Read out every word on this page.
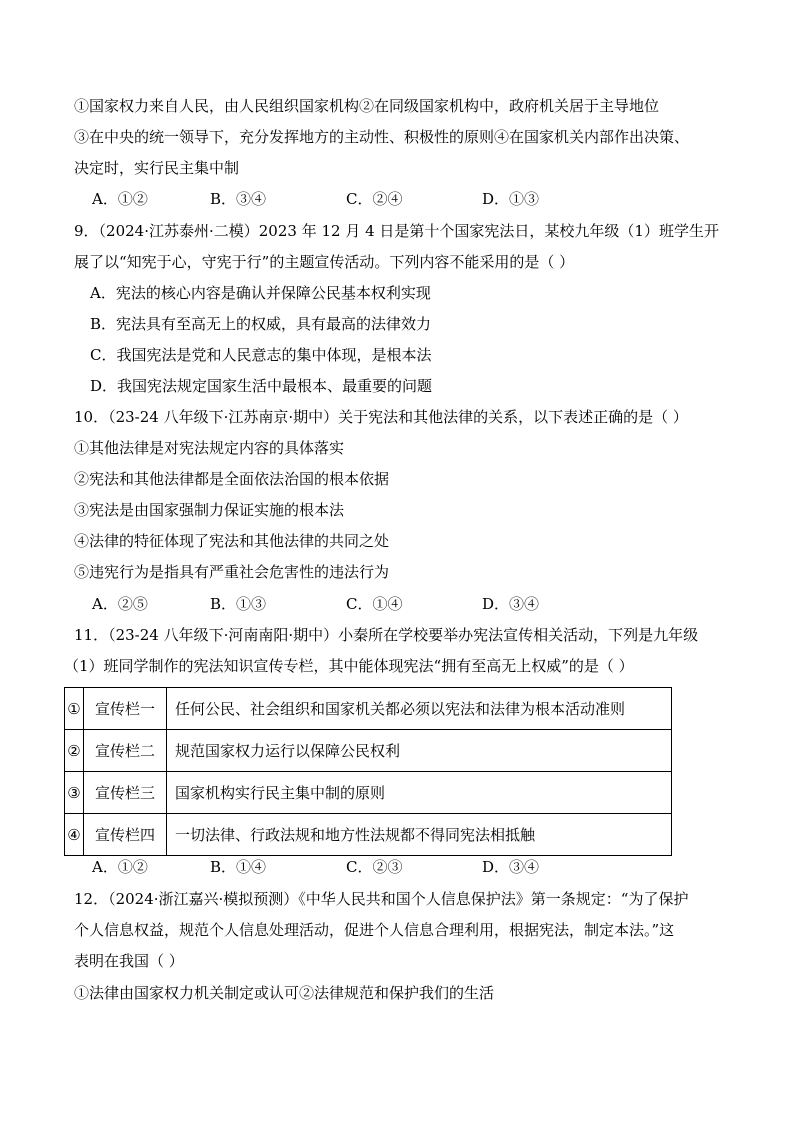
①国家权力来自人民，由人民组织国家机构②在同级国家机构中，政府机关居于主导地位
③在中央的统一领导下，充分发挥地方的主动性、积极性的原则④在国家机关内部作出决策、
决定时，实行民主集中制
A．①②	B．③④	C．②④	D．①③
9．（2024·江苏泰州·二模）2023 年 12 月 4 日是第十个国家宪法日，某校九年级（1）班学生开
展了以“知宪于心，守宪于行”的主题宣传活动。下列内容不能采用的是（ ）
A．宪法的核心内容是确认并保障公民基本权利实现
B．宪法具有至高无上的权威，具有最高的法律效力
C．我国宪法是党和人民意志的集中体现，是根本法
D．我国宪法规定国家生活中最根本、最重要的问题
10．（23-24 八年级下·江苏南京·期中）关于宪法和其他法律的关系，以下表述正确的是（ ）
①其他法律是对宪法规定内容的具体落实
②宪法和其他法律都是全面依法治国的根本依据
③宪法是由国家强制力保证实施的根本法
④法律的特征体现了宪法和其他法律的共同之处
⑤违宪行为是指具有严重社会危害性的违法行为
A．②⑤	B．①③	C．①④	D．③④
11．（23-24 八年级下·河南南阳·期中）小秦所在学校要举办宪法宣传相关活动，下列是九年级
（1）班同学制作的宪法知识宣传专栏，其中能体现宪法“拥有至高无上权威”的是（ ）
①	宣传栏一	任何公民、社会组织和国家机关都必须以宪法和法律为根本活动准则
②	宣传栏二	规范国家权力运行以保障公民权利
③	宣传栏三	国家机构实行民主集中制的原则
④	宣传栏四	一切法律、行政法规和地方性法规都不得同宪法相抵触
A．①②	B．①④	C．②③	D．③④
12．（2024·浙江嘉兴·模拟预测）《中华人民共和国个人信息保护法》第一条规定：“为了保护
个人信息权益，规范个人信息处理活动，促进个人信息合理利用，根据宪法，制定本法。”这
表明在我国（ ）
①法律由国家权力机关制定或认可②法律规范和保护我们的生活
